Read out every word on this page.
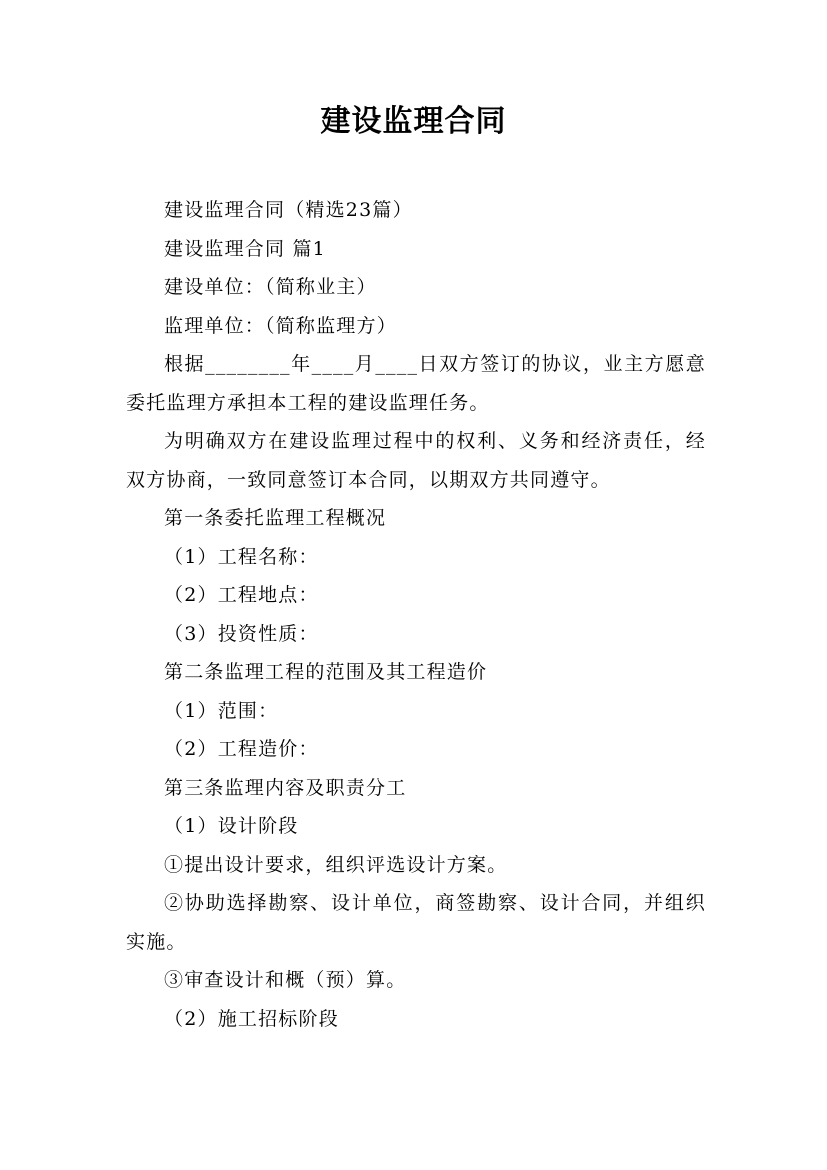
建设监理合同

建设监理合同（精选23篇）

建设监理合同 篇1

建设单位：（简称业主）

监理单位：（简称监理方）

根据________年____月____日双方签订的协议，业主方愿意委托监理方承担本工程的建设监理任务。

为明确双方在建设监理过程中的权利、义务和经济责任，经双方协商，一致同意签订本合同，以期双方共同遵守。

第一条委托监理工程概况

（1）工程名称：

（2）工程地点：

（3）投资性质：

第二条监理工程的范围及其工程造价

（1）范围：

（2）工程造价：

第三条监理内容及职责分工

（1）设计阶段

①提出设计要求，组织评选设计方案。

②协助选择勘察、设计单位，商签勘察、设计合同，并组织实施。

③审查设计和概（预）算。

（2）施工招标阶段
